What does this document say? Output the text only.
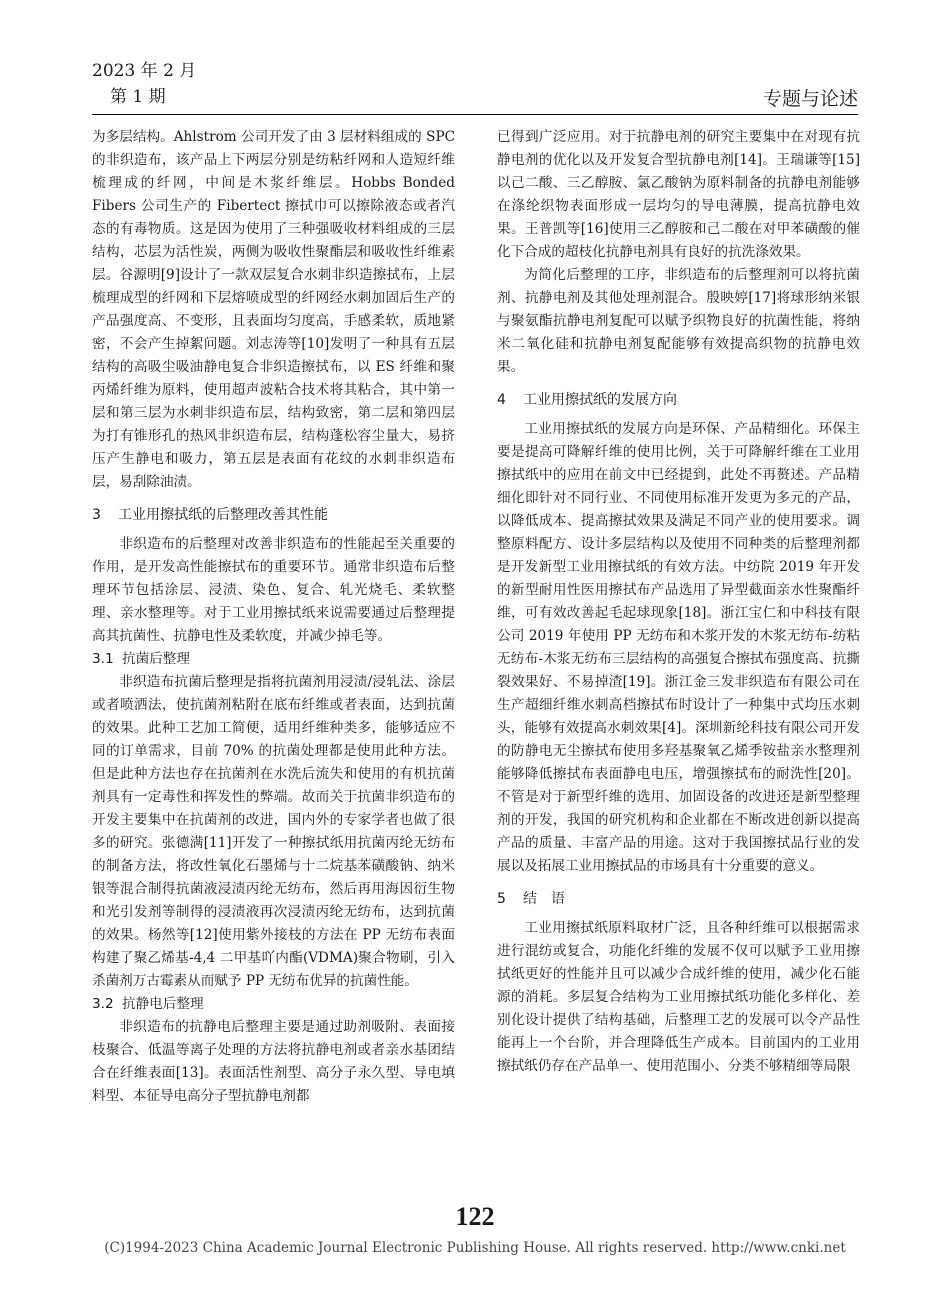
2023 年 2 月
第 1 期	专题与论述

为多层结构。Ahlstrom 公司开发了由 3 层材料组成的 SPC 的非织造布，该产品上下两层分别是纺粘纤网和人造短纤维梳理成的纤网，中间是木浆纤维层。Hobbs Bonded Fibers 公司生产的 Fibertect 擦拭巾可以擦除液态或者汽态的有毒物质。这是因为使用了三种强吸收材料组成的三层结构，芯层为活性炭，两侧为吸收性聚酯层和吸收性纤维素层。谷源明[9]设计了一款双层复合水刺非织造擦拭布，上层梳理成型的纤网和下层熔喷成型的纤网经水刺加固后生产的产品强度高、不变形，且表面均匀度高，手感柔软，质地紧密，不会产生掉絮问题。刘志涛等[10]发明了一种具有五层结构的高吸尘吸油静电复合非织造擦拭布，以 ES 纤维和聚丙烯纤维为原料，使用超声波粘合技术将其粘合，其中第一层和第三层为水刺非织造布层，结构致密，第二层和第四层为打有锥形孔的热风非织造布层，结构蓬松容尘量大，易挤压产生静电和吸力，第五层是表面有花纹的水刺非织造布层，易刮除油渍。

3 工业用擦拭纸的后整理改善其性能

非织造布的后整理对改善非织造布的性能起至关重要的作用，是开发高性能擦拭布的重要环节。通常非织造布后整理环节包括涂层、浸渍、染色、复合、轧光烧毛、柔软整理、亲水整理等。对于工业用擦拭纸来说需要通过后整理提高其抗菌性、抗静电性及柔软度，并减少掉毛等。

3.1 抗菌后整理

非织造布抗菌后整理是指将抗菌剂用浸渍/浸轧法、涂层或者喷洒法，使抗菌剂粘附在底布纤维或者表面，达到抗菌的效果。此种工艺加工简便，适用纤维种类多，能够适应不同的订单需求，目前 70% 的抗菌处理都是使用此种方法。但是此种方法也存在抗菌剂在水洗后流失和使用的有机抗菌剂具有一定毒性和挥发性的弊端。故而关于抗菌非织造布的开发主要集中在抗菌剂的改进，国内外的专家学者也做了很多的研究。张德满[11]开发了一种擦拭纸用抗菌丙纶无纺布的制备方法，将改性氧化石墨烯与十二烷基苯磺酸钠、纳米银等混合制得抗菌液浸渍丙纶无纺布，然后再用海因衍生物和光引发剂等制得的浸渍液再次浸渍丙纶无纺布，达到抗菌的效果。杨然等[12]使用紫外接枝的方法在 PP 无纺布表面构建了聚乙烯基-4,4 二甲基吖内酯(VDMA)聚合物刷，引入杀菌剂万古霉素从而赋予 PP 无纺布优异的抗菌性能。

3.2 抗静电后整理

非织造布的抗静电后整理主要是通过助剂吸附、表面接枝聚合、低温等离子处理的方法将抗静电剂或者亲水基团结合在纤维表面[13]。表面活性剂型、高分子永久型、导电填料型、本征导电高分子型抗静电剂都

已得到广泛应用。对于抗静电剂的研究主要集中在对现有抗静电剂的优化以及开发复合型抗静电剂[14]。王瑞谦等[15]以己二酸、三乙醇胺、氯乙酸钠为原料制备的抗静电剂能够在涤纶织物表面形成一层均匀的导电薄膜，提高抗静电效果。王普凯等[16]使用三乙醇胺和己二酸在对甲苯磺酸的催化下合成的超枝化抗静电剂具有良好的抗洗涤效果。

为简化后整理的工序，非织造布的后整理剂可以将抗菌剂、抗静电剂及其他处理剂混合。殷映婷[17]将球形纳米银与聚氨酯抗静电剂复配可以赋予织物良好的抗菌性能，将纳米二氧化硅和抗静电剂复配能够有效提高织物的抗静电效果。

4 工业用擦拭纸的发展方向

工业用擦拭纸的发展方向是环保、产品精细化。环保主要是提高可降解纤维的使用比例，关于可降解纤维在工业用擦拭纸中的应用在前文中已经提到，此处不再赘述。产品精细化即针对不同行业、不同使用标准开发更为多元的产品，以降低成本、提高擦拭效果及满足不同产业的使用要求。调整原料配方、设计多层结构以及使用不同种类的后整理剂都是开发新型工业用擦拭纸的有效方法。中纺院 2019 年开发的新型耐用性医用擦拭布产品选用了异型截面亲水性聚酯纤维，可有效改善起毛起球现象[18]。浙江宝仁和中科技有限公司 2019 年使用 PP 无纺布和木浆开发的木浆无纺布-纺粘无纺布-木浆无纺布三层结构的高强复合擦拭布强度高、抗撕裂效果好、不易掉渣[19]。浙江金三发非织造布有限公司在生产超细纤维水刺高档擦拭布时设计了一种集中式均压水刺头，能够有效提高水刺效果[4]。深圳新纶科技有限公司开发的防静电无尘擦拭布使用多羟基聚氧乙烯季铵盐亲水整理剂能够降低擦拭布表面静电电压，增强擦拭布的耐洗性[20]。不管是对于新型纤维的选用、加固设备的改进还是新型整理剂的开发，我国的研究机构和企业都在不断改进创新以提高产品的质量、丰富产品的用途。这对于我国擦拭品行业的发展以及拓展工业用擦拭品的市场具有十分重要的意义。

5 结　语

工业用擦拭纸原料取材广泛，且各种纤维可以根据需求进行混纺或复合，功能化纤维的发展不仅可以赋予工业用擦拭纸更好的性能并且可以减少合成纤维的使用，减少化石能源的消耗。多层复合结构为工业用擦拭纸功能化多样化、差别化设计提供了结构基础，后整理工艺的发展可以令产品性能再上一个台阶，并合理降低生产成本。目前国内的工业用擦拭纸仍存在产品单一、使用范围小、分类不够精细等局限

122
(C)1994-2023 China Academic Journal Electronic Publishing House. All rights reserved. http://www.cnki.net
